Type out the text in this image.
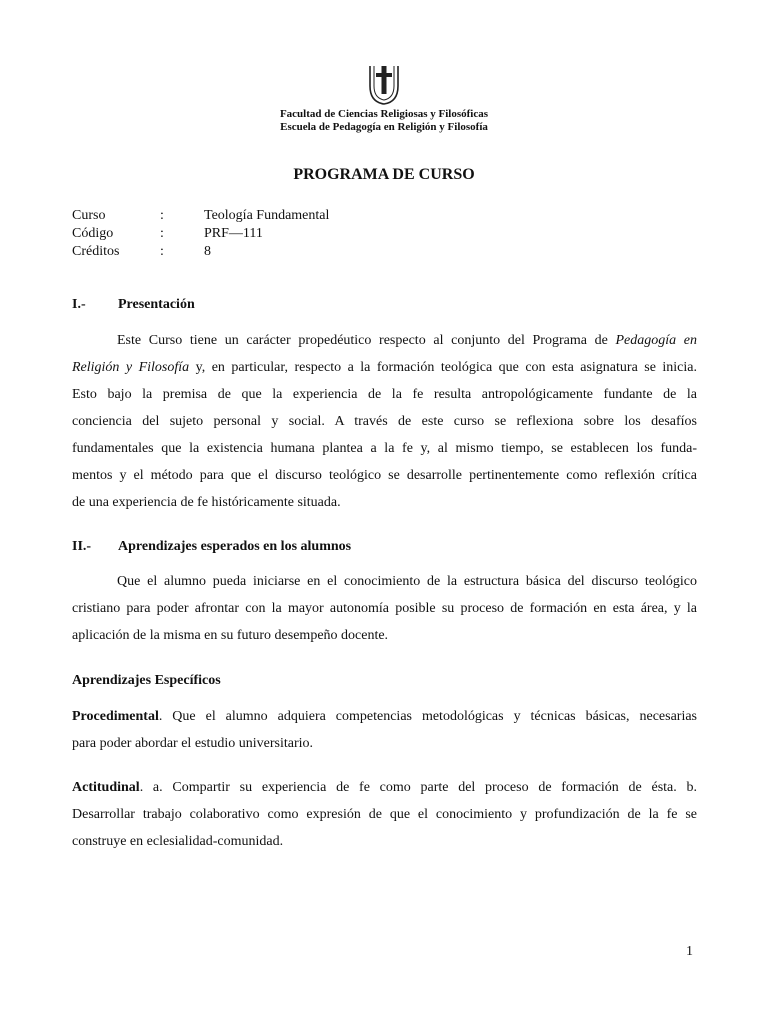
Facultad de Ciencias Religiosas y Filosóficas
Escuela de Pedagogía en Religión y Filosofía
PROGRAMA DE CURSO
Curso	:	Teología Fundamental
Código	:	PRF—111
Créditos	:	8
I.- Presentación
Este Curso tiene un carácter propedéutico respecto al conjunto del Programa de Pedagogía en
Religión y Filosofía y, en particular, respecto a la formación teológica que con esta asignatura se inicia.
Esto bajo la premisa de que la experiencia de la fe resulta antropológicamente fundante de la
conciencia del sujeto personal y social. A través de este curso se reflexiona sobre los desafíos
fundamentales que la existencia humana plantea a la fe y, al mismo tiempo, se establecen los funda-
mentos y el método para que el discurso teológico se desarrolle pertinentemente como reflexión crítica
de una experiencia de fe históricamente situada.
II.- Aprendizajes esperados en los alumnos
Que el alumno pueda iniciarse en el conocimiento de la estructura básica del discurso teológico
cristiano para poder afrontar con la mayor autonomía posible su proceso de formación en esta área, y la
aplicación de la misma en su futuro desempeño docente.
Aprendizajes Específicos
Procedimental. Que el alumno adquiera competencias metodológicas y técnicas básicas, necesarias
para poder abordar el estudio universitario.
Actitudinal. a. Compartir su experiencia de fe como parte del proceso de formación de ésta. b.
Desarrollar trabajo colaborativo como expresión de que el conocimiento y profundización de la fe se
construye en eclesialidad-comunidad.
1
